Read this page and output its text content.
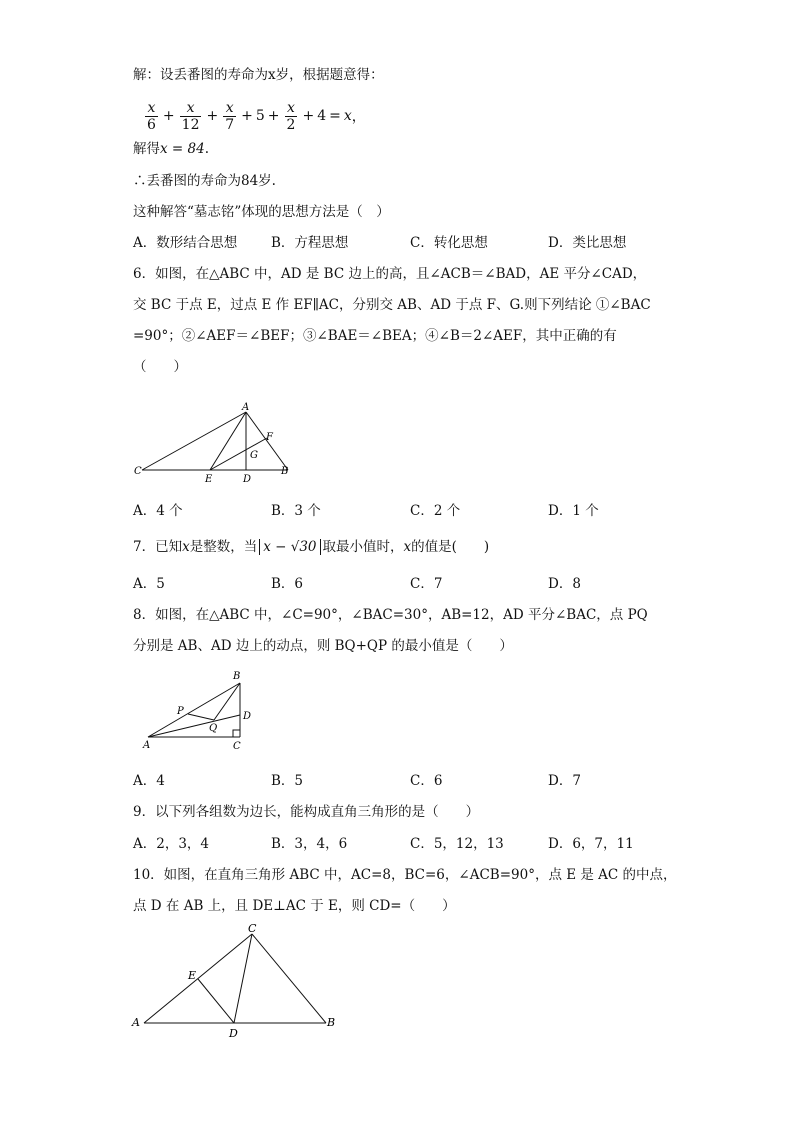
解：设丢番图的寿命为x岁，根据题意得：
$\frac{x}{6} + \frac{x}{12} + \frac{x}{7} + 5 + \frac{x}{2} + 4 = x$ ，
解得x = 84.
∴丢番图的寿命为84岁.
这种解答“墓志铭”体现的思想方法是（　）
A．数形结合思想	B．方程思想	C．转化思想	D．类比思想
6．如图，在△ABC 中，AD 是 BC 边上的高，且∠ACB＝∠BAD，AE 平分∠CAD，
交 BC 于点 E，过点 E 作 EF∥AC，分别交 AB、AD 于点 F、G.则下列结论 ①∠BAC
=90°；②∠AEF＝∠BEF；③∠BAE＝∠BEA；④∠B＝2∠AEF，其中正确的有
（　　）
A
C	B
E	D
F
G
A．4 个	B．3 个	C．2 个	D．1 个
7．已知x是整数，当 x − √30 取最小值时，x的值是(　　)
A．5	B．6	C．7	D．8
8．如图，在△ABC 中，∠C=90°，∠BAC=30°，AB=12，AD 平分∠BAC，点 PQ
分别是 AB、AD 边上的动点，则 BQ+QP 的最小值是（　　）
B
D
P
Q
A	C
A．4	B．5	C．6	D．7
9．以下列各组数为边长，能构成直角三角形的是（　　）
A．2，3，4	B．3，4，6	C．5，12，13	D．6，7，11
10．如图，在直角三角形 ABC 中，AC=8，BC=6，∠ACB=90°，点 E 是 AC 的中点，
点 D 在 AB 上，且 DE⊥AC 于 E，则 CD=（　　）
C
E
A	B
D
